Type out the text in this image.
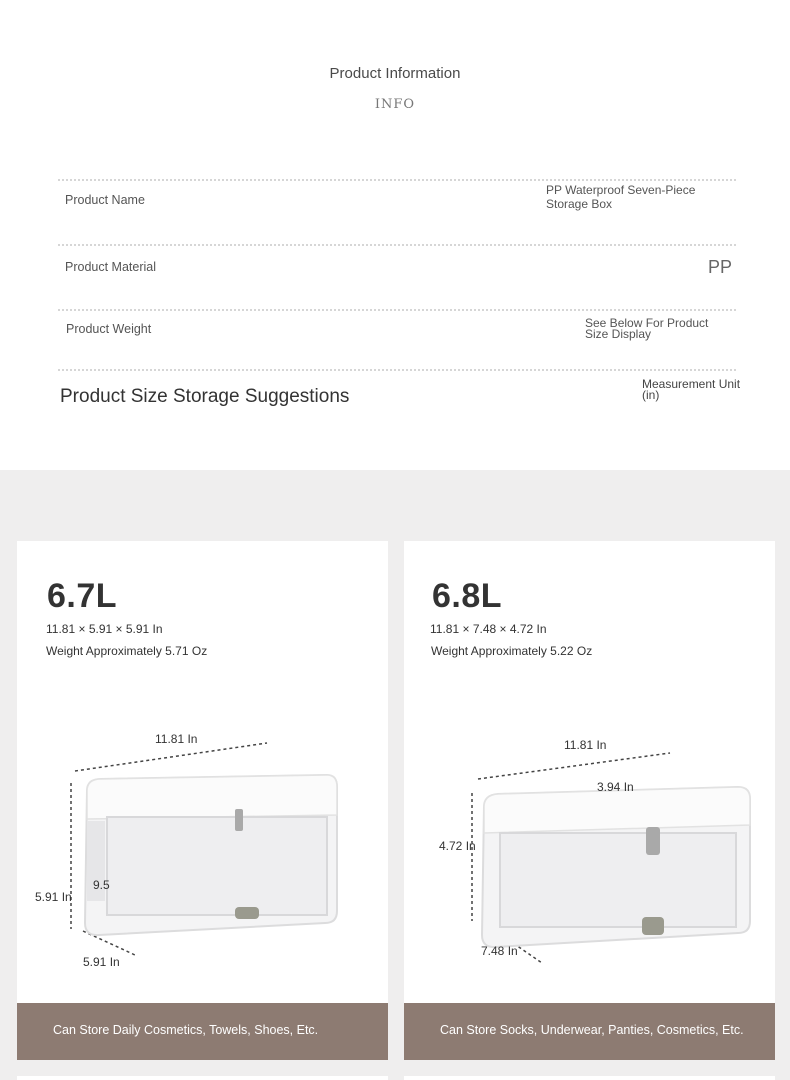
Product Information
INFO
Product Name
PP Waterproof Seven-Piece Storage Box
Product Material	PP
Product Weight	See Below For Product Size Display
Product Size Storage Suggestions
Measurement Unit (in)
6.7L
11.81 × 5.91 × 5.91 In
Weight Approximately 5.71 Oz
11.81 In
5.91 In
9.5
5.91 In
Can Store Daily Cosmetics, Towels, Shoes, Etc.
6.8L
11.81 × 7.48 × 4.72 In
Weight Approximately 5.22 Oz
11.81 In
4.72 In
3.94 In
7.48 In
Can Store Socks, Underwear, Panties, Cosmetics, Etc.
